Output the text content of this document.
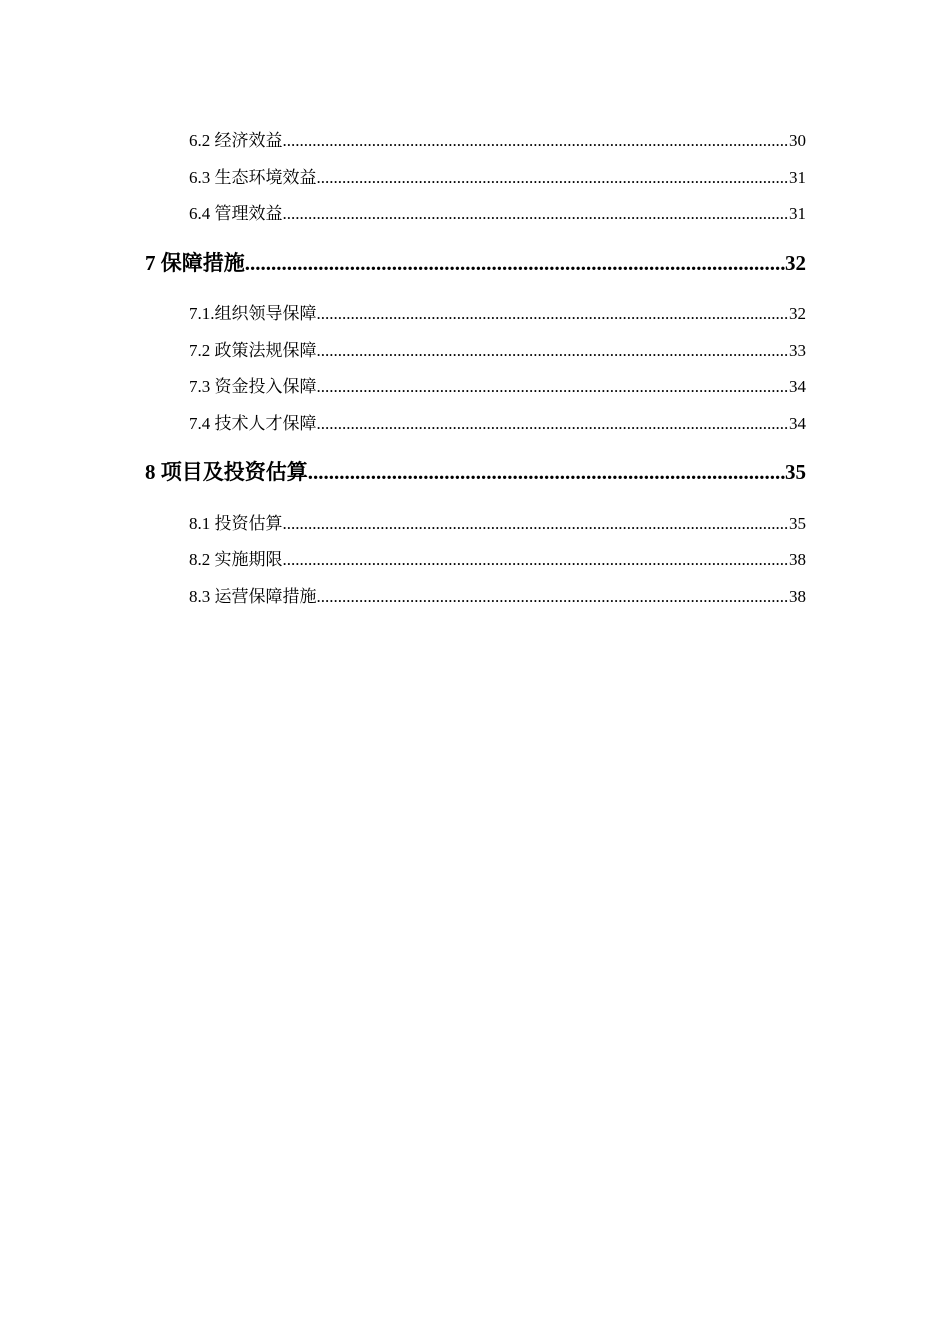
6.2 经济效益 .....	30
6.3 生态环境效益 .....	31
6.4 管理效益 .....	31
7 保障措施 .....	32
7.1.组织领导保障 .....	32
7.2 政策法规保障 .....	33
7.3 资金投入保障 .....	34
7.4 技术人才保障 .....	34
8 项目及投资估算 .....	35
8.1 投资估算 .....	35
8.2 实施期限 .....	38
8.3 运营保障措施 .....	38
